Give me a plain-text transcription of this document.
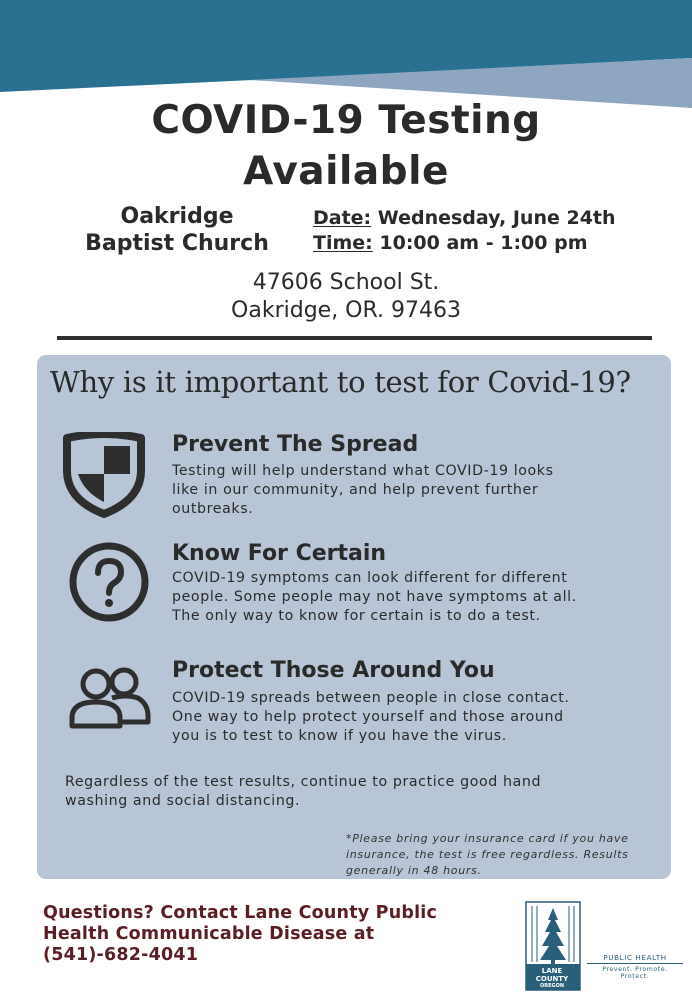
COVID-19 Testing
Available
Oakridge
Baptist Church
Date: Wednesday, June 24th
Time: 10:00 am - 1:00 pm
47606 School St.
Oakridge, OR. 97463
Why is it important to test for Covid-19?
Prevent The Spread
Testing will help understand what COVID-19 looks
like in our community, and help prevent further
outbreaks.
Know For Certain
COVID-19 symptoms can look different for different
people. Some people may not have symptoms at all.
The only way to know for certain is to do a test.
Protect Those Around You
COVID-19 spreads between people in close contact.
One way to help protect yourself and those around
you is to test to know if you have the virus.
Regardless of the test results, continue to practice good hand
washing and social distancing.
*Please bring your insurance card if you have
insurance, the test is free regardless. Results
generally in 48 hours.
Questions? Contact Lane County Public
Health Communicable Disease at
(541)-682-4041
LANE
COUNTY
OREGON
PUBLIC HEALTH
Prevent. Promote. Protect.
